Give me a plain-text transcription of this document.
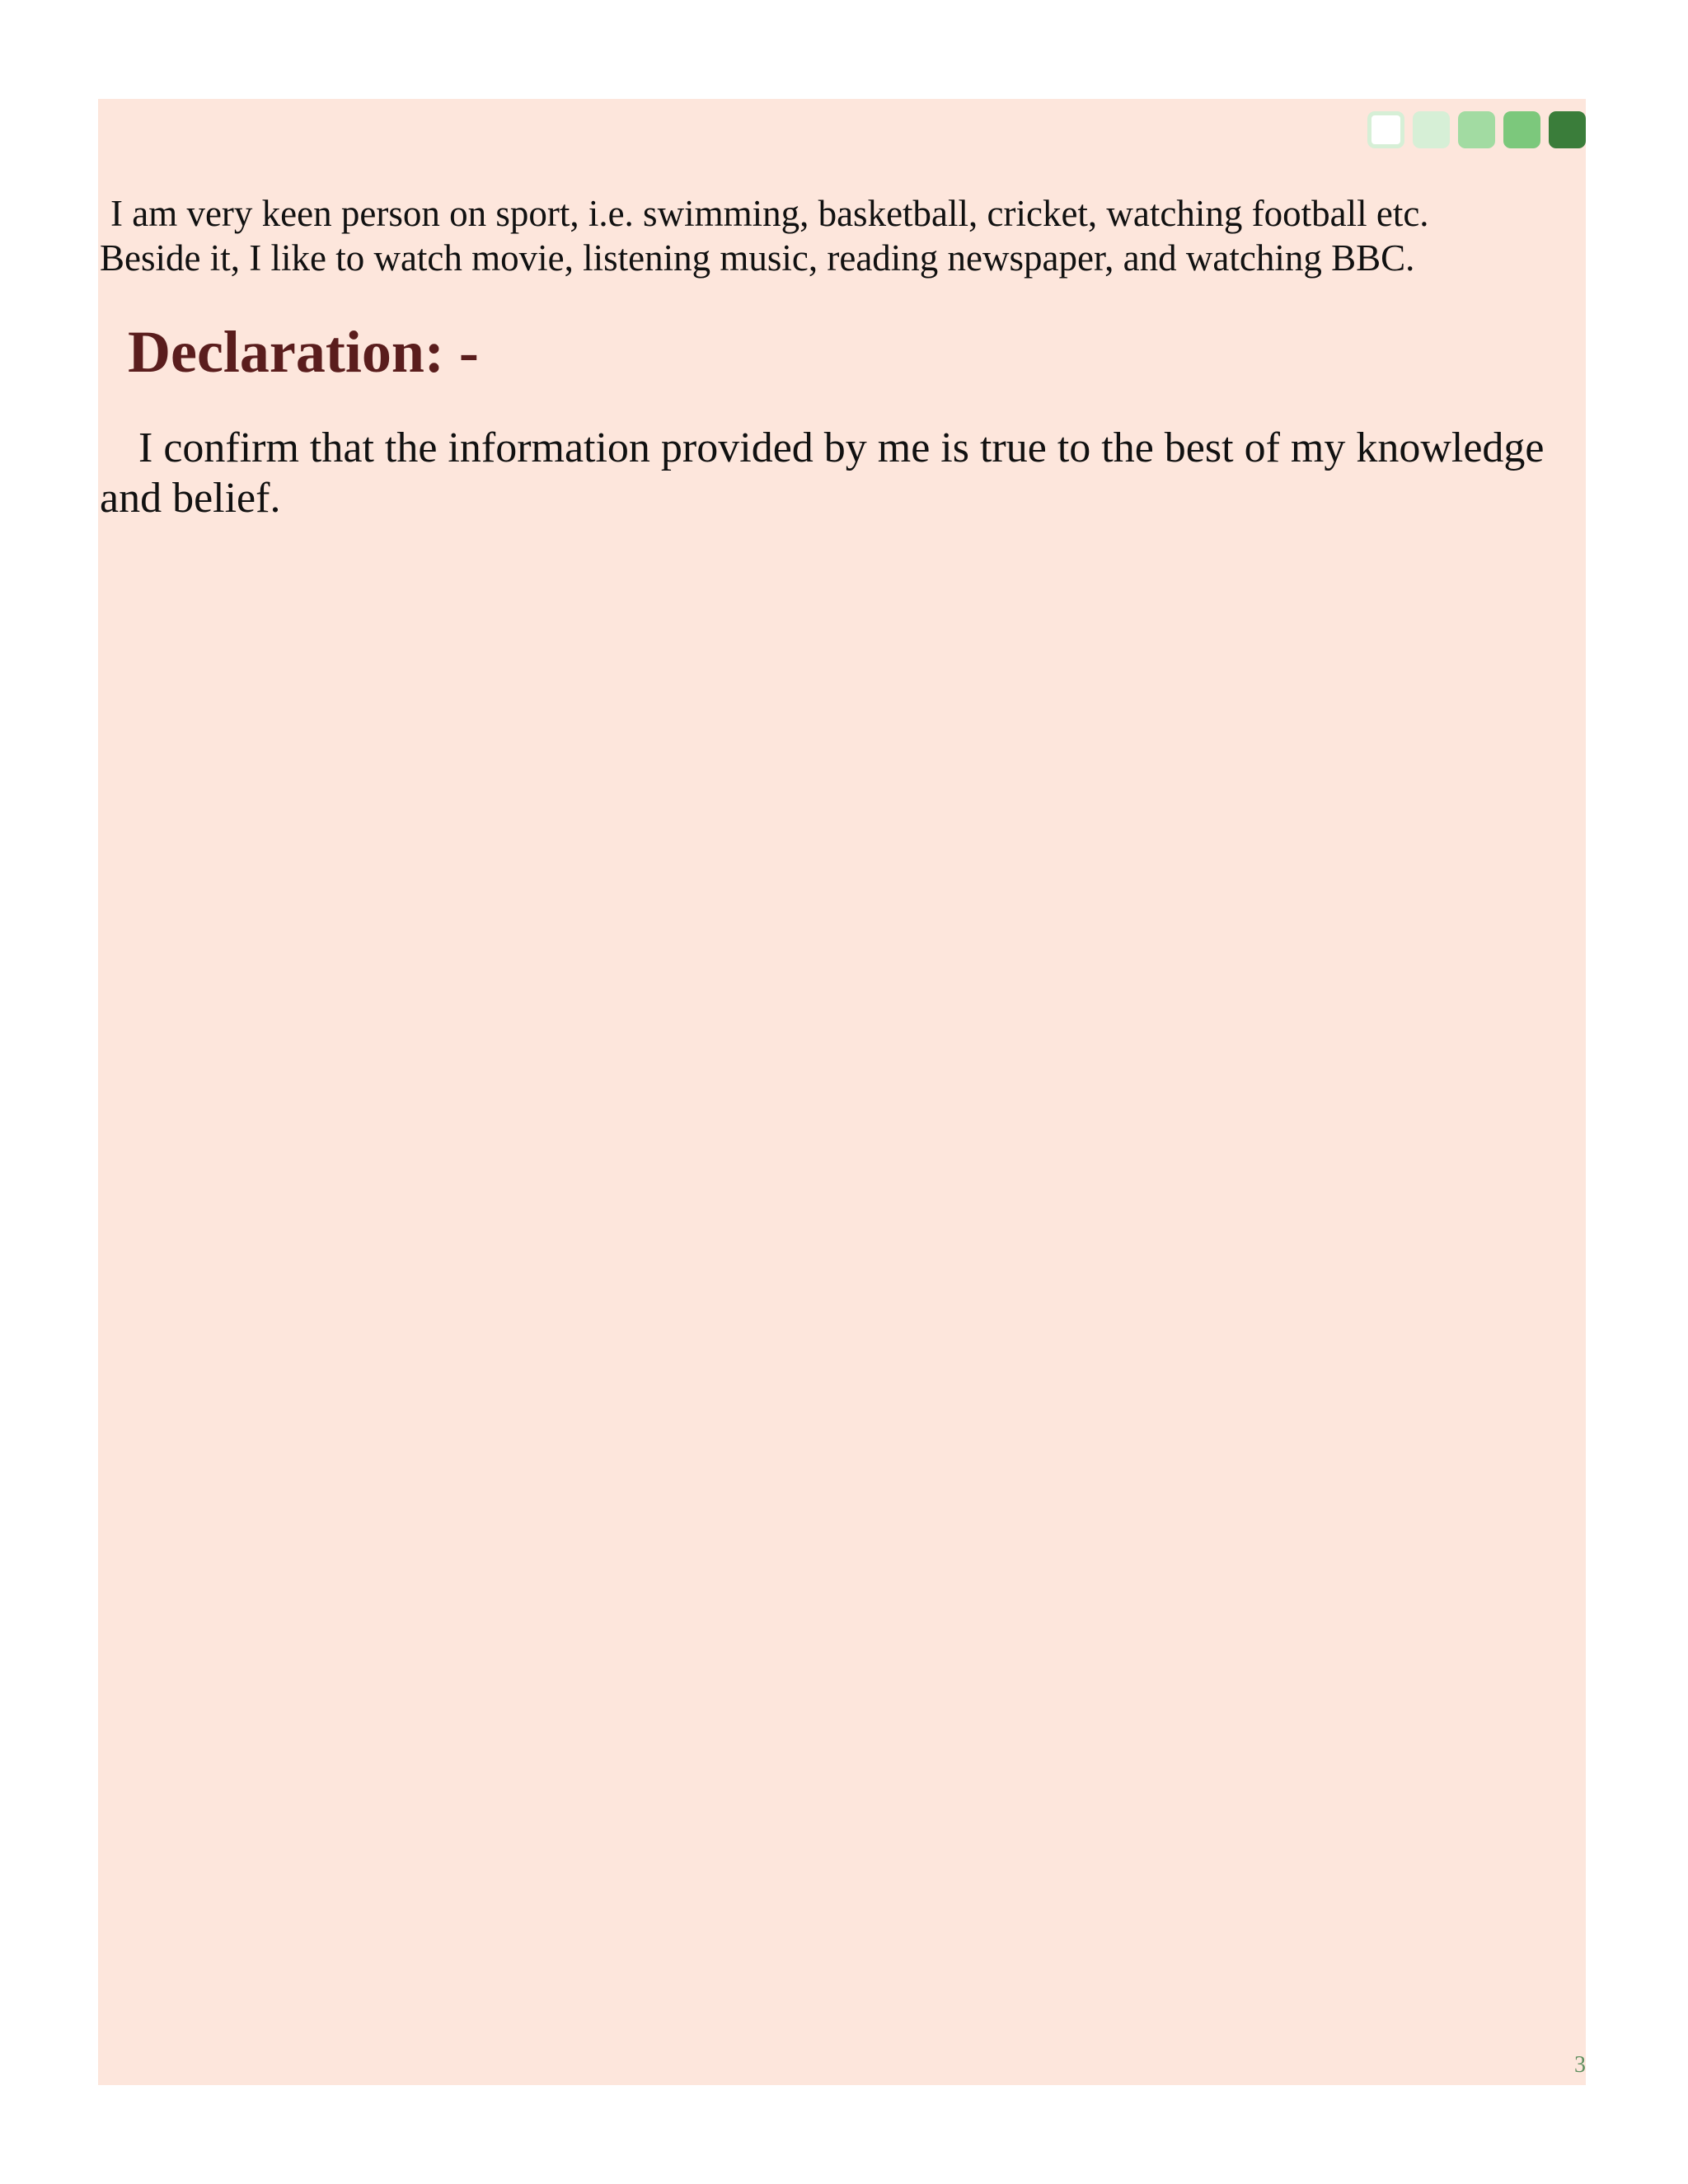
I am very keen person on sport, i.e. swimming, basketball, cricket, watching football etc.
Beside it, I like to watch movie, listening music, reading newspaper, and watching BBC.

Declaration: -

I confirm that the information provided by me is true to the best of my knowledge
and belief.

3
